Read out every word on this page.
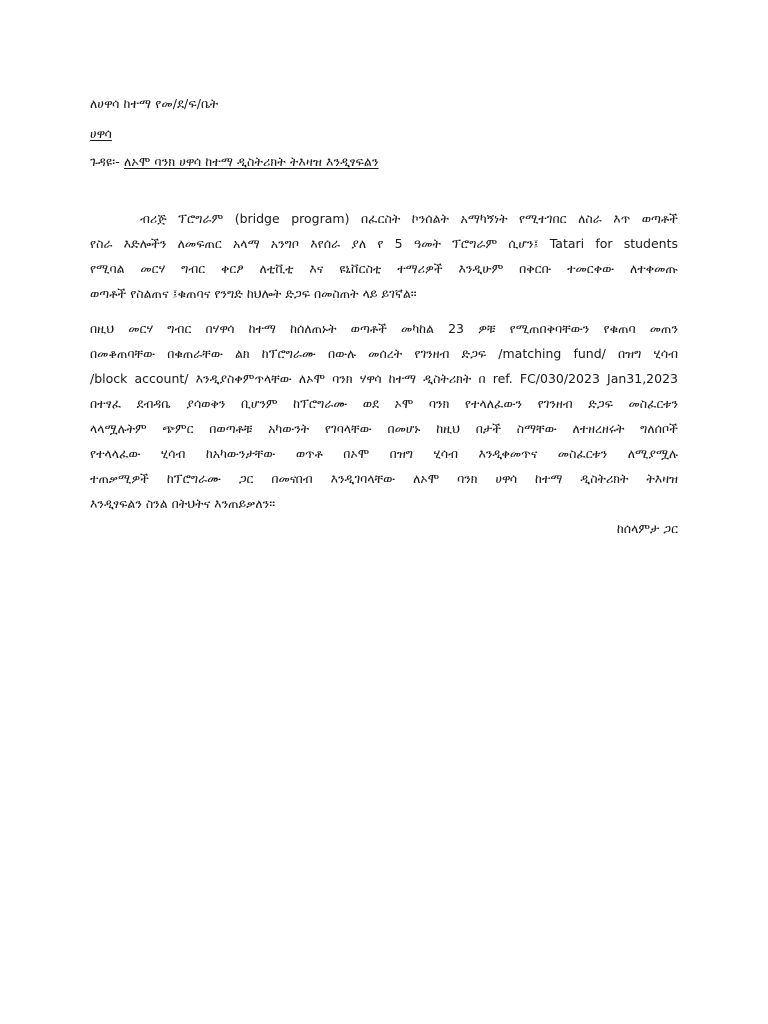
ለሀዋሳ ከተማ የመ/ደ/ፍ/ቤት
ሀዋሳ
ጉዳዩ፡- ለኦሞ ባንክ ሀዋሳ ከተማ ዲስትሪክት ትእዛዝ እንዲፃፍልን
ብሪጅ ፕሮግራም (bridge program) በፈርስት ኮንሰልት አማካኝነት የሚተገበር ለስራ እጥ ወጣቶች
የስራ እድሎችን ለመፍጠር አላማ አንግቦ እየሰራ ያለ የ 5 ዓመት ፕሮግራም ሲሆን፤ Tatari for students
የሚባል መርሃ ግብር ቀርፆ ለቲቪቲ እና ዩኒቨርስቲ ተማሪዎች እንዲሁም በቅርቡ ተመርቀው ለተቀመጡ
ወጣቶች የስልጠና ፤ቁጠባና የንግድ ከህሎት ድጋፍ በመስጠት ላይ ይገኛል።
በዚህ መርሃ ግብር በሃዋሳ ከተማ ከሰለጠኑት ወጣቶች መካከል 23 ዎቹ የሚጠበቅባቸውን የቁጠባ መጠን
በመቆጠባቸው በቁጠራቸው ልክ ከፕሮግራሙ በውሉ መሰረት የገንዘብ ድጋፍ /matching fund/ በዝግ ሂሳብ
/block account/ እንዲያስቀምጥላቸው ለኦሞ ባንክ ሃዋሳ ከተማ ዲስትሪክት በ ref. FC/030/2023 Jan31,2023
በተፃፈ ደብዳቤ ያሳወቅን ቢሆንም ከፕሮግራሙ ወደ ኦሞ ባንክ የተላለፈውን የገንዘብ ድጋፍ መስፈርቱን
ላላሟሉትም ጭምር በወጣቶቹ አካውንት የገባላቸው በመሆኑ ከዚህ በታች ስማቸው ለተዘረዘሩት ግለሰቦች
የተላላፈው ሂሳብ ከአካውንታቸው ወጥቶ በኦሞ በዝግ ሂሳብ እንዲቀመጥና መስፈርቱን ለሚያሟሉ
ተጠቃሚዎች ከፕሮግራሙ ጋር በመናበብ እንዲገባላቸው ለኦሞ ባንክ ሀዋሳ ከተማ ዲስትሪክት ትእዛዝ
እንዲፃፍልን ስንል በትህትና እንጠይቃለን።
ከሰላምታ ጋር
